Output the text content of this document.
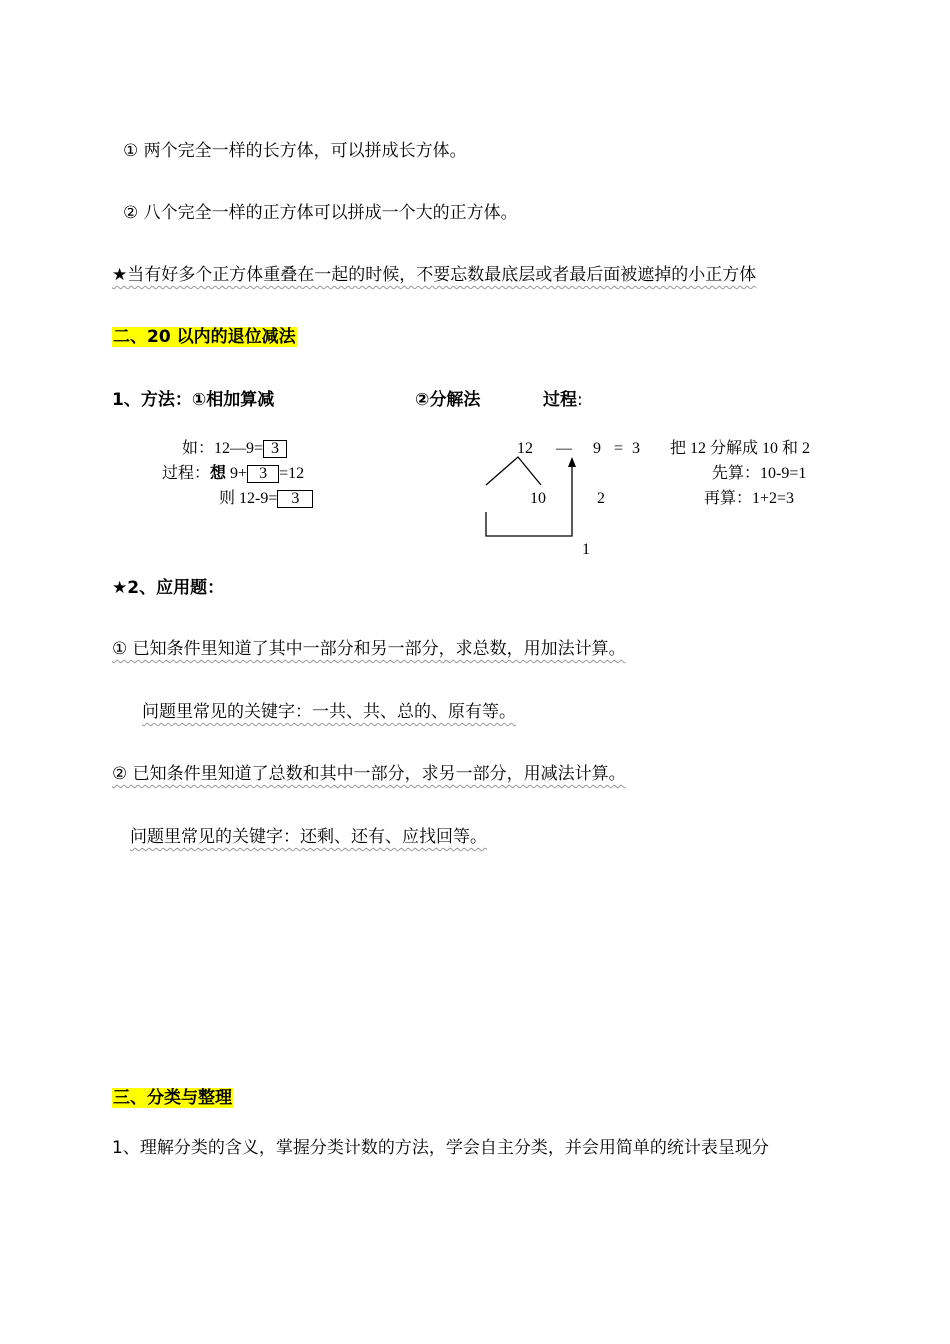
① 两个完全一样的长方体，可以拼成长方体。
② 八个完全一样的正方体可以拼成一个大的正方体。
★当有好多个正方体重叠在一起的时候，不要忘数最底层或者最后面被遮掉的小正方体
二、20 以内的退位减法
1、方法：①相加算减	②分解法	过程:
如：12—9= 3
过程：想 9+ 3 =12
则 12-9= 3
12 — 9 = 3
10	2
1
把 12 分解成 10 和 2
先算：10-9=1
再算：1+2=3
★2、应用题：
① 已知条件里知道了其中一部分和另一部分，求总数，用加法计算。
问题里常见的关键字：一共、共、总的、原有等。
② 已知条件里知道了总数和其中一部分，求另一部分，用减法计算。
问题里常见的关键字：还剩、还有、应找回等。
三、分类与整理
1、理解分类的含义，掌握分类计数的方法，学会自主分类，并会用简单的统计表呈现分
